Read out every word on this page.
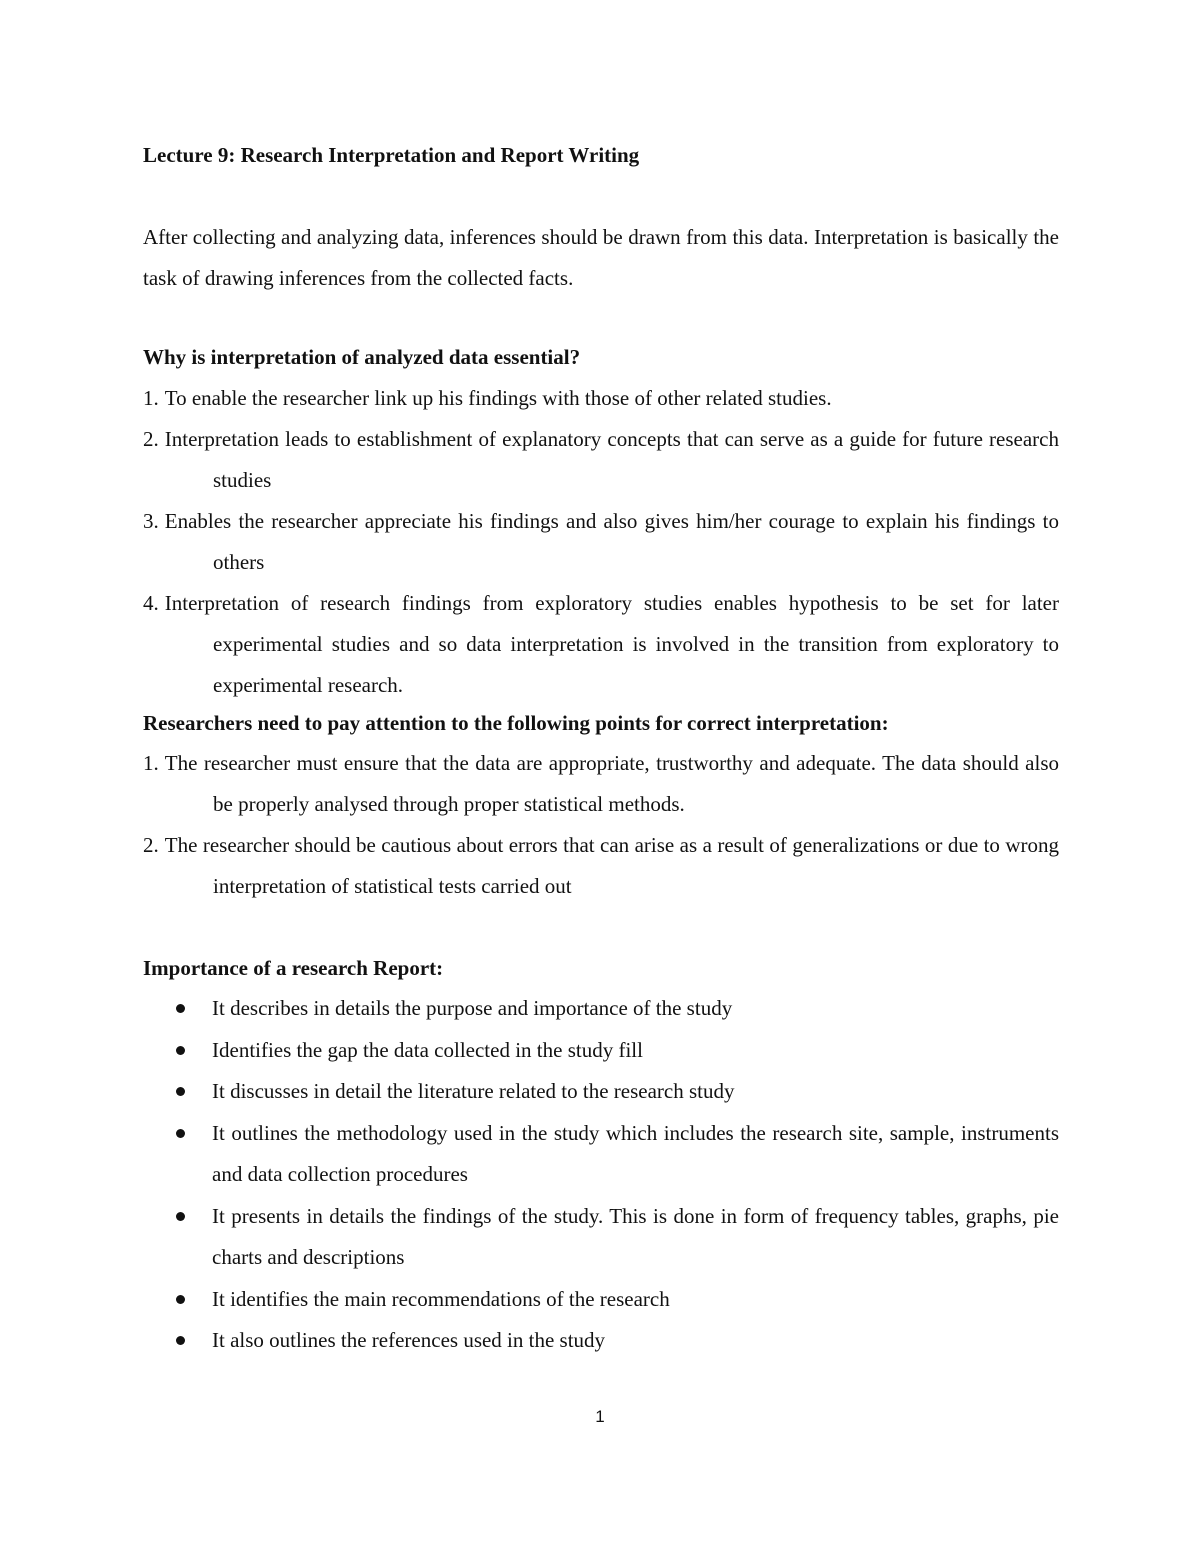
Lecture 9: Research Interpretation and Report Writing

After collecting and analyzing data, inferences should be drawn from this data. Interpretation is basically the task of drawing inferences from the collected facts.

Why is interpretation of analyzed data essential?
1. To enable the researcher link up his findings with those of other related studies.
2. Interpretation leads to establishment of explanatory concepts that can serve as a guide for future research studies
3. Enables the researcher appreciate his findings and also gives him/her courage to explain his findings to others
4. Interpretation of research findings from exploratory studies enables hypothesis to be set for later experimental studies and so data interpretation is involved in the transition from exploratory to experimental research.
Researchers need to pay attention to the following points for correct interpretation:
1. The researcher must ensure that the data are appropriate, trustworthy and adequate. The data should also be properly analysed through proper statistical methods.
2. The researcher should be cautious about errors that can arise as a result of generalizations or due to wrong interpretation of statistical tests carried out
Importance of a research Report:
It describes in details the purpose and importance of the study
Identifies the gap the data collected in the study fill
It discusses in detail the literature related to the research study
It outlines the methodology used in the study which includes the research site, sample, instruments and data collection procedures
It presents in details the findings of the study. This is done in form of frequency tables, graphs, pie charts and descriptions
It identifies the main recommendations of the research
It also outlines the references used in the study
1
